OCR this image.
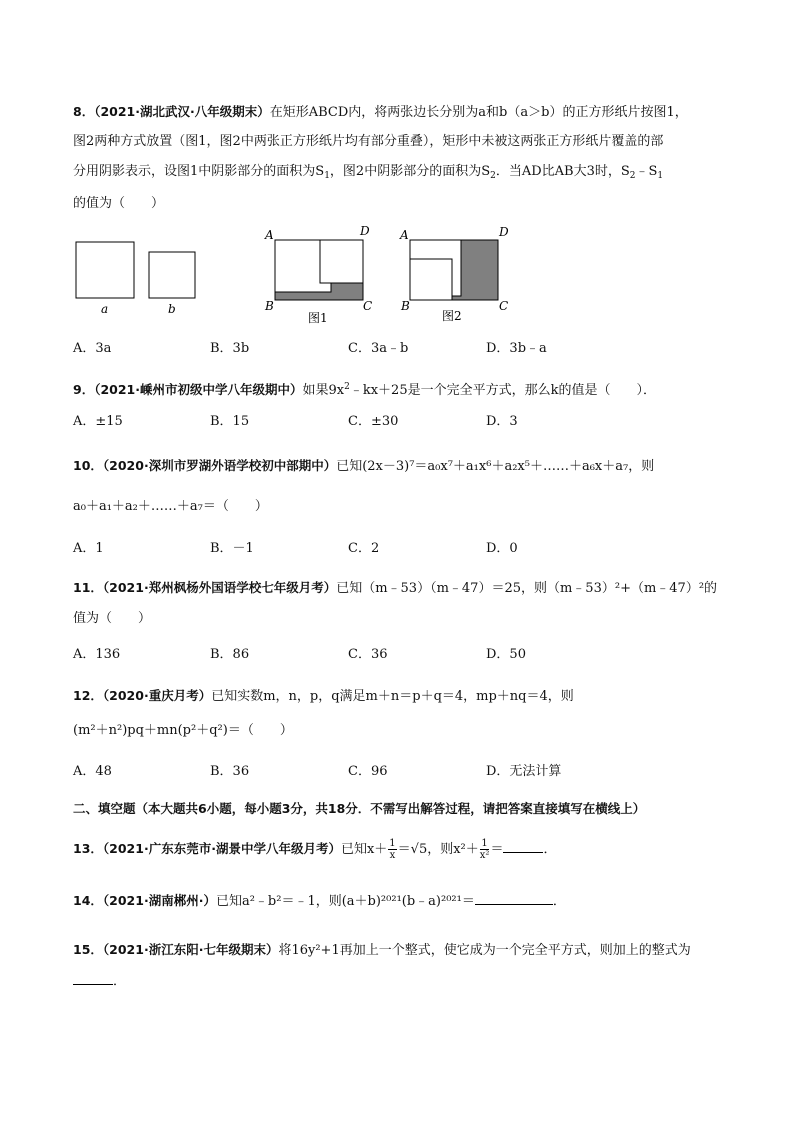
8．（2021·湖北武汉·八年级期末）在矩形ABCD内，将两张边长分别为a和b（a＞b）的正方形纸片按图1，
图2两种方式放置（图1，图2中两张正方形纸片均有部分重叠），矩形中未被这两张正方形纸片覆盖的部
分用阴影表示，设图1中阴影部分的面积为$S_1$，图2中阴影部分的面积为$S_2$．当AD比AB大3时，$S_2﹣S_1$
的值为（　　）
a	b
A	D
B	C
图1
A	D
B	C
图2
A．3a	B．3b	C．3a﹣b	D．3b﹣a
9．（2021·嵊州市初级中学八年级期中）如果$9x^2﹣kx+25$是一个完全平方式，那么k的值是（　　）．
A．±15	B．15	C．±30	D．3
10．（2020·深圳市罗湖外语学校初中部期中）已知(2x－3)⁷＝a₀x⁷＋a₁x⁶＋a₂x⁵＋……＋a₆x＋a₇，则
a₀＋a₁＋a₂＋……＋a₇＝（　　）
A．1	B．－1	C．2	D．0
11．（2021·郑州枫杨外国语学校七年级月考）已知（m﹣53）（m﹣47）＝25，则（m﹣53）²+（m﹣47）²的
值为（　　）
A．136	B．86	C．36	D．50
12．（2020·重庆月考）已知实数m，n，p，q满足m＋n＝p＋q＝4，mp＋nq＝4，则
(m²＋n²)pq＋mn(p²＋q²)＝（　　）
A．48	B．36	C．96	D．无法计算
二、填空题（本大题共6小题，每小题3分，共18分．不需写出解答过程，请把答案直接填写在横线上）
13．（2021·广东东莞市·湖景中学八年级月考）已知$x+ \frac{1}{x} =√5$，则$x^2+ \frac{1}{\text{x²}}$ ＝	．
14．（2021·湖南郴州·）已知a²﹣b²＝﹣1，则(a＋b)²⁰²¹(b﹣a)²⁰²¹＝	．
15．（2021·浙江东阳·七年级期末）将16y²+1再加上一个整式，使它成为一个完全平方式，则加上的整式为
．
